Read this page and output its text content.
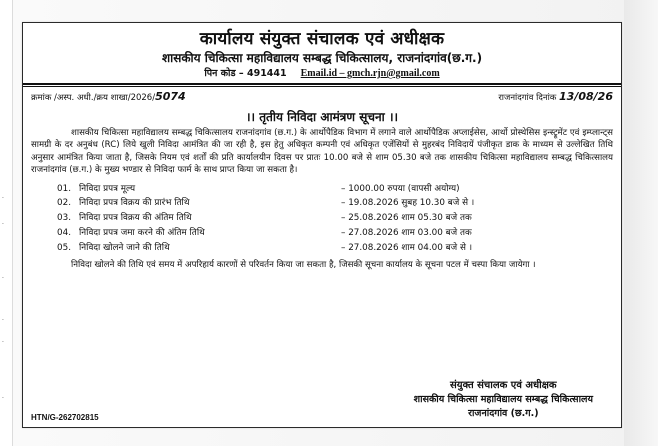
·
·
·
·
·
·
कार्यालय संयुक्त संचालक एवं अधीक्षक
शासकीय चिकित्सा महाविद्यालय सम्बद्ध चिकित्सालय, राजनांदगांव(छ.ग.)
पिन कोड – 491441 Email.id – gmch.rjn@gmail.com
क्रमांक /अस्प. अधी./क्रय शाखा/2026/5074	राजनांदगांव दिनांक 13/08/26
।। तृतीय निविदा आमंत्रण सूचना ।।

शासकीय चिकित्सा महाविद्यालय सम्बद्ध चिकित्सालय राजनांदगांव (छ.ग.) के आर्थोपैडिक विभाग में लगाने वाले आर्थोपैडिक अप्लाईसेस, आर्थो प्रोस्थेसिस इन्स्ट्रूमेंट एवं इम्प्लान्ट्स सामग्री के दर अनुबंध (RC) लिये खुली निविदा आमंत्रित की जा रही है, इस हेतु अधिकृत कम्पनी एवं अधिकृत एजेंसियों से मुहरबंद निविदायें पंजीकृत डाक के माध्यम से उल्लेखित तिथि अनुसार आमंत्रित किया जाता है, जिसके नियम एवं शर्तों की प्रति कार्यालयीन दिवस पर प्रातः 10.00 बजे से शाम 05.30 बजे तक शासकीय चिकित्सा महाविद्यालय सम्बद्ध चिकित्सालय राजनांदगांव (छ.ग.) के मुख्य भण्डार से निविदा फार्म के साथ प्राप्त किया जा सकता है।

01. निविदा प्रपत्र मूल्य	– 1000.00 रुपया (वापसी अयोग्य)
02. निविदा प्रपत्र विक्रय की प्रारंभ तिथि	– 19.08.2026 सुबह 10.30 बजे से ।
03. निविदा प्रपत्र विक्रय की अंतिम तिथि	– 25.08.2026 शाम 05.30 बजे तक
04. निविदा प्रपत्र जमा करने की अंतिम तिथि	– 27.08.2026 शाम 03.00 बजे तक
05. निविदा खोलने जाने की तिथि	– 27.08.2026 शाम 04.00 बजे से ।

निविदा खोलने की तिथि एवं समय में अपरिहार्य कारणों से परिवर्तन किया जा सकता है, जिसकी सूचना कार्यालय के सूचना पटल में चस्पा किया जायेगा ।

HTN/G-262702815
संयुक्त संचालक एवं अधीक्षक
शासकीय चिकित्सा महाविद्यालय सम्बद्ध चिकित्सालय
राजनांदगांव (छ.ग.)
